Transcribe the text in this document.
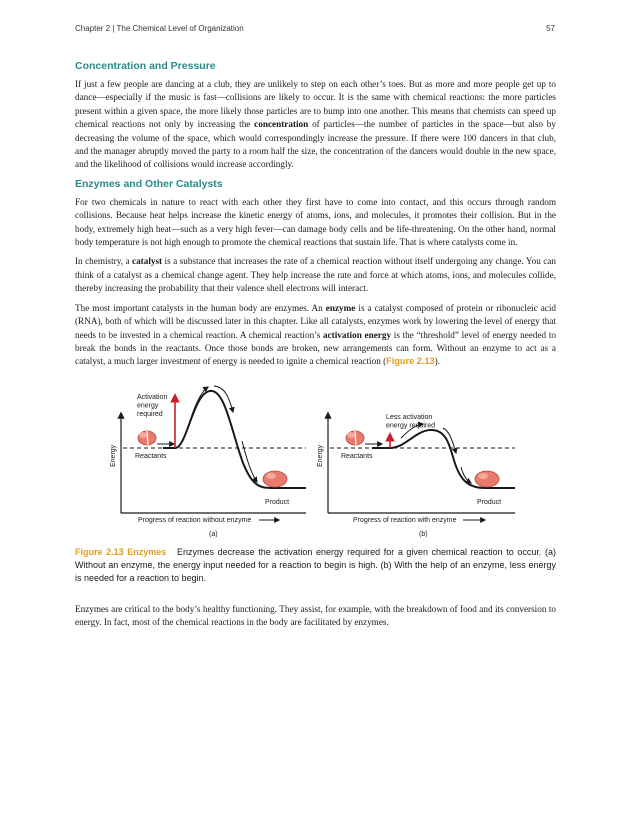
Chapter 2 | The Chemical Level of Organization	57
Concentration and Pressure

If just a few people are dancing at a club, they are unlikely to step on each other’s toes. But as more and more people get up to dance—especially if the music is fast—collisions are likely to occur. It is the same with chemical reactions: the more particles present within a given space, the more likely those particles are to bump into one another. This means that chemists can speed up chemical reactions not only by increasing the concentration of particles—the number of particles in the space—but also by decreasing the volume of the space, which would correspondingly increase the pressure. If there were 100 dancers in that club, and the manager abruptly moved the party to a room half the size, the concentration of the dancers would double in the new space, and the likelihood of collisions would increase accordingly.

Enzymes and Other Catalysts

For two chemicals in nature to react with each other they first have to come into contact, and this occurs through random collisions. Because heat helps increase the kinetic energy of atoms, ions, and molecules, it promotes their collision. But in the body, extremely high heat—such as a very high fever—can damage body cells and be life-threatening. On the other hand, normal body temperature is not high enough to promote the chemical reactions that sustain life. That is where catalysts come in.

In chemistry, a catalyst is a substance that increases the rate of a chemical reaction without itself undergoing any change. You can think of a catalyst as a chemical change agent. They help increase the rate and force at which atoms, ions, and molecules collide, thereby increasing the probability that their valence shell electrons will interact.

The most important catalysts in the human body are enzymes. An enzyme is a catalyst composed of protein or ribonucleic acid (RNA), both of which will be discussed later in this chapter. Like all catalysts, enzymes work by lowering the level of energy that needs to be invested in a chemical reaction. A chemical reaction’s activation energy is the “threshold” level of energy needed to break the bonds in the reactants. Once those bonds are broken, new arrangements can form. Without an enzyme to act as a catalyst, a much larger investment of energy is needed to ignite a chemical reaction (Figure 2.13).

Activation energy required
Reactants
Product
Energy
Progress of reaction without enzyme
(a)
Less activation energy required
Reactants
Product
Energy
Progress of reaction with enzyme
(b)

Figure 2.13 Enzymes Enzymes decrease the activation energy required for a given chemical reaction to occur. (a) Without an enzyme, the energy input needed for a reaction to begin is high. (b) With the help of an enzyme, less energy is needed for a reaction to begin.

Enzymes are critical to the body’s healthy functioning. They assist, for example, with the breakdown of food and its conversion to energy. In fact, most of the chemical reactions in the body are facilitated by enzymes.
